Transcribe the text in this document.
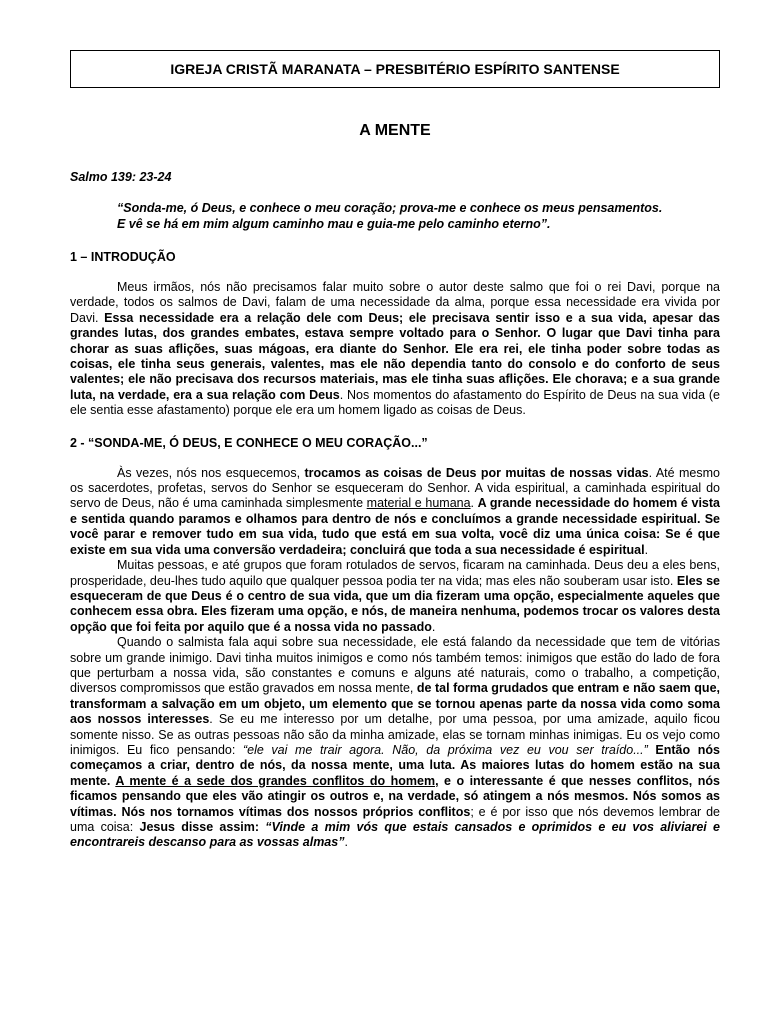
IGREJA CRISTÃ MARANATA – PRESBITÉRIO ESPÍRITO SANTENSE
A MENTE

Salmo 139: 23-24

“Sonda-me, ó Deus, e conhece o meu coração; prova-me e conhece os meus pensamentos.
E vê se há em mim algum caminho mau e guia-me pelo caminho eterno”.

1 – INTRODUÇÃO

Meus irmãos, nós não precisamos falar muito sobre o autor deste salmo que foi o rei Davi, porque na verdade, todos os salmos de Davi, falam de uma necessidade da alma, porque essa necessidade era vivida por Davi. Essa necessidade era a relação dele com Deus; ele precisava sentir isso e a sua vida, apesar das grandes lutas, dos grandes embates, estava sempre voltado para o Senhor. O lugar que Davi tinha para chorar as suas aflições, suas mágoas, era diante do Senhor. Ele era rei, ele tinha poder sobre todas as coisas, ele tinha seus generais, valentes, mas ele não dependia tanto do consolo e do conforto de seus valentes; ele não precisava dos recursos materiais, mas ele tinha suas aflições. Ele chorava; e a sua grande luta, na verdade, era a sua relação com Deus. Nos momentos do afastamento do Espírito de Deus na sua vida (e ele sentia esse afastamento) porque ele era um homem ligado as coisas de Deus.

2 - “SONDA-ME, Ó DEUS, E CONHECE O MEU CORAÇÃO...”

Às vezes, nós nos esquecemos, trocamos as coisas de Deus por muitas de nossas vidas. Até mesmo os sacerdotes, profetas, servos do Senhor se esqueceram do Senhor. A vida espiritual, a caminhada espiritual do servo de Deus, não é uma caminhada simplesmente material e humana. A grande necessidade do homem é vista e sentida quando paramos e olhamos para dentro de nós e concluímos a grande necessidade espiritual. Se você parar e remover tudo em sua vida, tudo que está em sua volta, você diz uma única coisa: Se é que existe em sua vida uma conversão verdadeira; concluirá que toda a sua necessidade é espiritual.

Muitas pessoas, e até grupos que foram rotulados de servos, ficaram na caminhada. Deus deu a eles bens, prosperidade, deu-lhes tudo aquilo que qualquer pessoa podia ter na vida; mas eles não souberam usar isto. Eles se esqueceram de que Deus é o centro de sua vida, que um dia fizeram uma opção, especialmente aqueles que conhecem essa obra. Eles fizeram uma opção, e nós, de maneira nenhuma, podemos trocar os valores desta opção que foi feita por aquilo que é a nossa vida no passado.

Quando o salmista fala aqui sobre sua necessidade, ele está falando da necessidade que tem de vitórias sobre um grande inimigo. Davi tinha muitos inimigos e como nós também temos: inimigos que estão do lado de fora que perturbam a nossa vida, são constantes e comuns e alguns até naturais, como o trabalho, a competição, diversos compromissos que estão gravados em nossa mente, de tal forma grudados que entram e não saem que, transformam a salvação em um objeto, um elemento que se tornou apenas parte da nossa vida como soma aos nossos interesses. Se eu me interesso por um detalhe, por uma pessoa, por uma amizade, aquilo ficou somente nisso. Se as outras pessoas não são da minha amizade, elas se tornam minhas inimigas. Eu os vejo como inimigos. Eu fico pensando: “ele vai me trair agora. Não, da próxima vez eu vou ser traído...” Então nós começamos a criar, dentro de nós, da nossa mente, uma luta. As maiores lutas do homem estão na sua mente. A mente é a sede dos grandes conflitos do homem, e o interessante é que nesses conflitos, nós ficamos pensando que eles vão atingir os outros e, na verdade, só atingem a nós mesmos. Nós somos as vítimas. Nós nos tornamos vítimas dos nossos próprios conflitos; e é por isso que nós devemos lembrar de uma coisa: Jesus disse assim: “Vinde a mim vós que estais cansados e oprimidos e eu vos aliviarei e encontrareis descanso para as vossas almas”.
